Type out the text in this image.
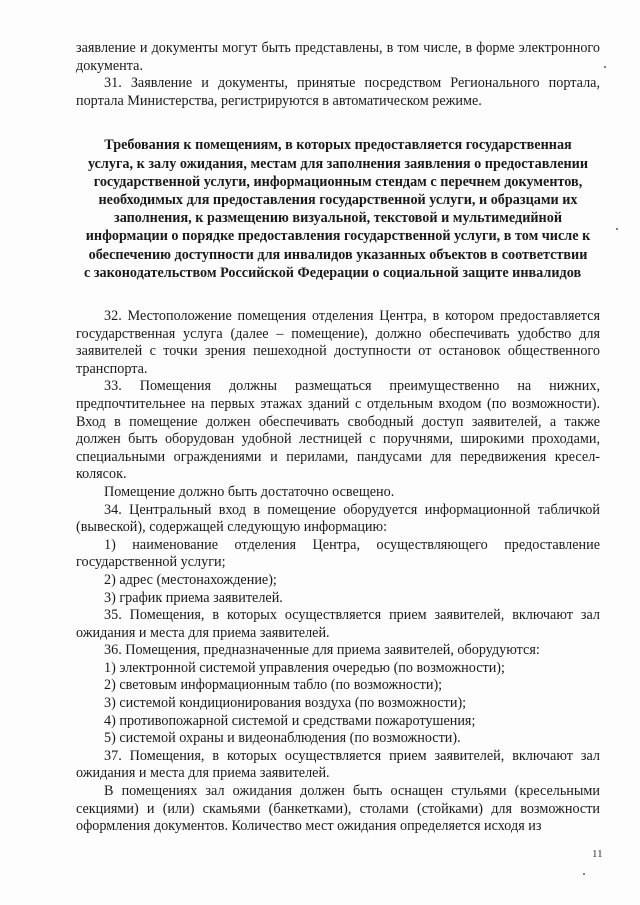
заявление и документы могут быть представлены, в том числе, в форме электронного документа.

31. Заявление и документы, принятые посредством Регионального портала, портала Министерства, регистрируются в автоматическом режиме.

Требования к помещениям, в которых предоставляется государственная услуга, к залу ожидания, местам для заполнения заявления о предоставлении государственной услуги, информационным стендам с перечнем документов, необходимых для предоставления государственной услуги, и образцами их заполнения, к размещению визуальной, текстовой и мультимедийной информации о порядке предоставления государственной услуги, в том числе к обеспечению доступности для инвалидов указанных объектов в соответствии с законодательством Российской Федерации о социальной защите инвалидов

32. Местоположение помещения отделения Центра, в котором предоставляется государственная услуга (далее – помещение), должно обеспечивать удобство для заявителей с точки зрения пешеходной доступности от остановок общественного транспорта.

33. Помещения должны размещаться преимущественно на нижних, предпочтительнее на первых этажах зданий с отдельным входом (по возможности). Вход в помещение должен обеспечивать свободный доступ заявителей, а также должен быть оборудован удобной лестницей с поручнями, широкими проходами, специальными ограждениями и перилами, пандусами для передвижения кресел-колясок.

Помещение должно быть достаточно освещено.

34. Центральный вход в помещение оборудуется информационной табличкой (вывеской), содержащей следующую информацию:

1) наименование отделения Центра, осуществляющего предоставление государственной услуги;

2) адрес (местонахождение);

3) график приема заявителей.

35. Помещения, в которых осуществляется прием заявителей, включают зал ожидания и места для приема заявителей.

36. Помещения, предназначенные для приема заявителей, оборудуются:

1) электронной системой управления очередью (по возможности);

2) световым информационным табло (по возможности);

3) системой кондиционирования воздуха (по возможности);

4) противопожарной системой и средствами пожаротушения;

5) системой охраны и видеонаблюдения (по возможности).

37. Помещения, в которых осуществляется прием заявителей, включают зал ожидания и места для приема заявителей.

В помещениях зал ожидания должен быть оснащен стульями (кресельными секциями) и (или) скамьями (банкетками), столами (стойками) для возможности оформления документов. Количество мест ожидания определяется исходя из

11
